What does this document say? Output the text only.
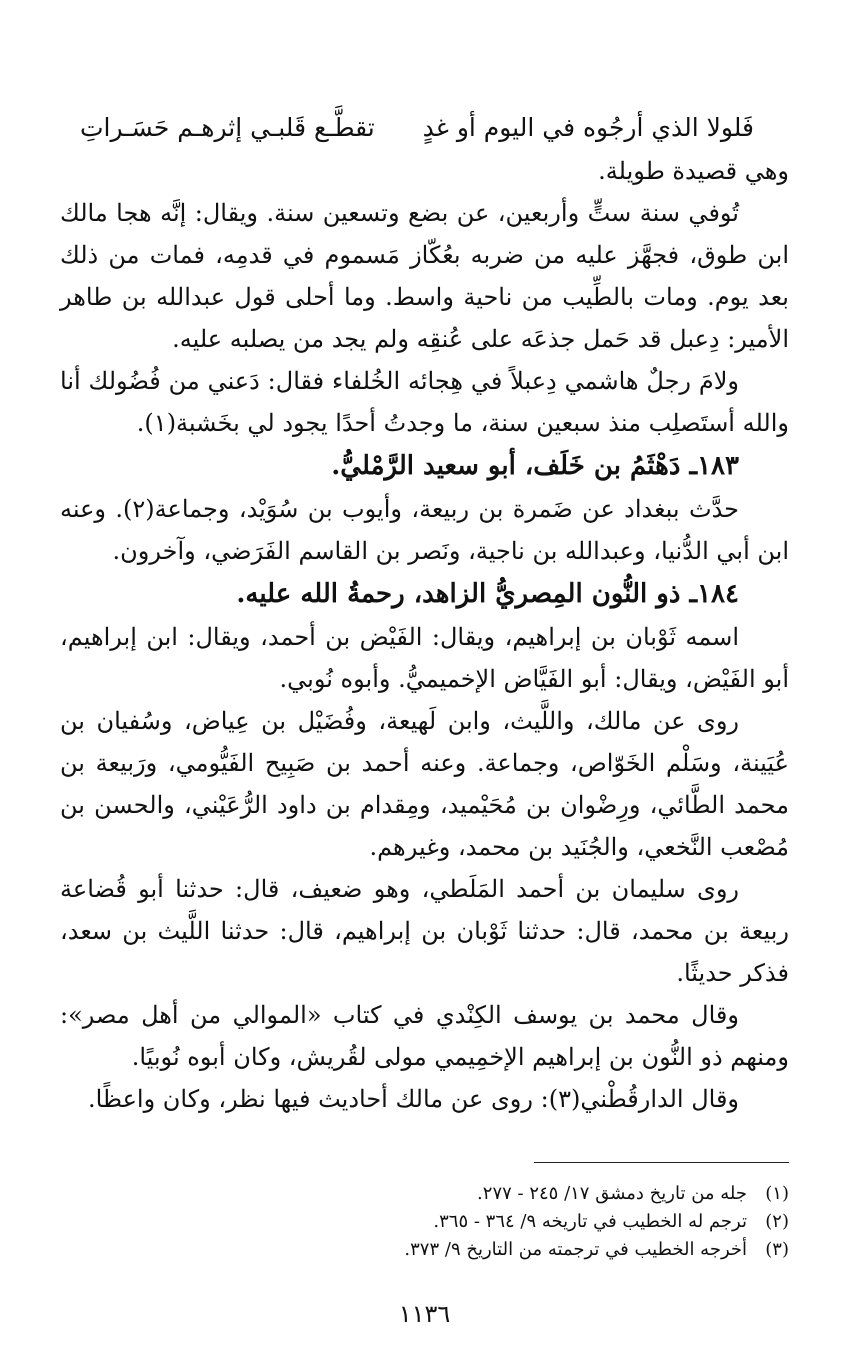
فَلولا الذي أرجُوه في اليوم أو غدٍ
تقطَّـع قَلبـي إثرهـم حَسَـراتِ

وهي قصيدة طويلة.

تُوفي سنة ستٍّ وأربعين، عن بضع وتسعين سنة. ويقال: إنَّه هجا مالك ابن طوق، فجهَّز عليه من ضربه بعُكّاز مَسموم في قدمِه، فمات من ذلك بعد يوم. ومات بالطِّيب من ناحية واسط. وما أحلى قول عبدالله بن طاهر الأمير: دِعبل قد حَمل جذعَه على عُنقِه ولم يجد من يصلبه عليه.

ولامَ رجلٌ هاشمي دِعبلاً في هِجائه الخُلفاء فقال: دَعني من فُضُولك أنا والله أستَصلِب منذ سبعين سنة، ما وجدتُ أحدًا يجود لي بخَشبة(١).

١٨٣ـ دَهْثَمُ بن خَلَف، أبو سعيد الرَّمْليُّ.

حدَّث ببغداد عن ضَمرة بن ربيعة، وأيوب بن سُوَيْد، وجماعة(٢). وعنه ابن أبي الدُّنيا، وعبدالله بن ناجية، ونَصر بن القاسم الفَرَضي، وآخرون.

١٨٤ـ ذو النُّون المِصريُّ الزاهد، رحمةُ الله عليه.

اسمه ثَوْبان بن إبراهيم، ويقال: الفَيْض بن أحمد، ويقال: ابن إبراهيم، أبو الفَيْض، ويقال: أبو الفَيَّاض الإخميميُّ. وأبوه نُوبي.

روى عن مالك، واللَّيث، وابن لَهيعة، وفُضَيْل بن عِياض، وسُفيان بن عُيَينة، وسَلْم الخَوّاص، وجماعة. وعنه أحمد بن صَبِيح الفَيُّومي، ورَبيعة بن محمد الطَّائي، ورِضْوان بن مُحَيْميد، ومِقدام بن داود الرُّعَيْني، والحسن بن مُصْعب النَّخعي، والجُنَيد بن محمد، وغيرهم.

روى سليمان بن أحمد المَلَطي، وهو ضعيف، قال: حدثنا أبو قُضاعة ربيعة بن محمد، قال: حدثنا ثَوْبان بن إبراهيم، قال: حدثنا اللَّيث بن سعد، فذكر حديثًا.

وقال محمد بن يوسف الكِنْدي في كتاب «الموالي من أهل مصر»: ومنهم ذو النُّون بن إبراهيم الإخمِيمي مولى لقُريش، وكان أبوه نُوبيًا.

وقال الدارقُطْني(٣): روى عن مالك أحاديث فيها نظر، وكان واعظًا.

(١)
جله من تاريخ دمشق ١٧/ ٢٤٥ - ٢٧٧.
(٢)
ترجم له الخطيب في تاريخه ٩/ ٣٦٤ - ٣٦٥.
(٣)
أخرجه الخطيب في ترجمته من التاريخ ٩/ ٣٧٣.
١١٣٦
